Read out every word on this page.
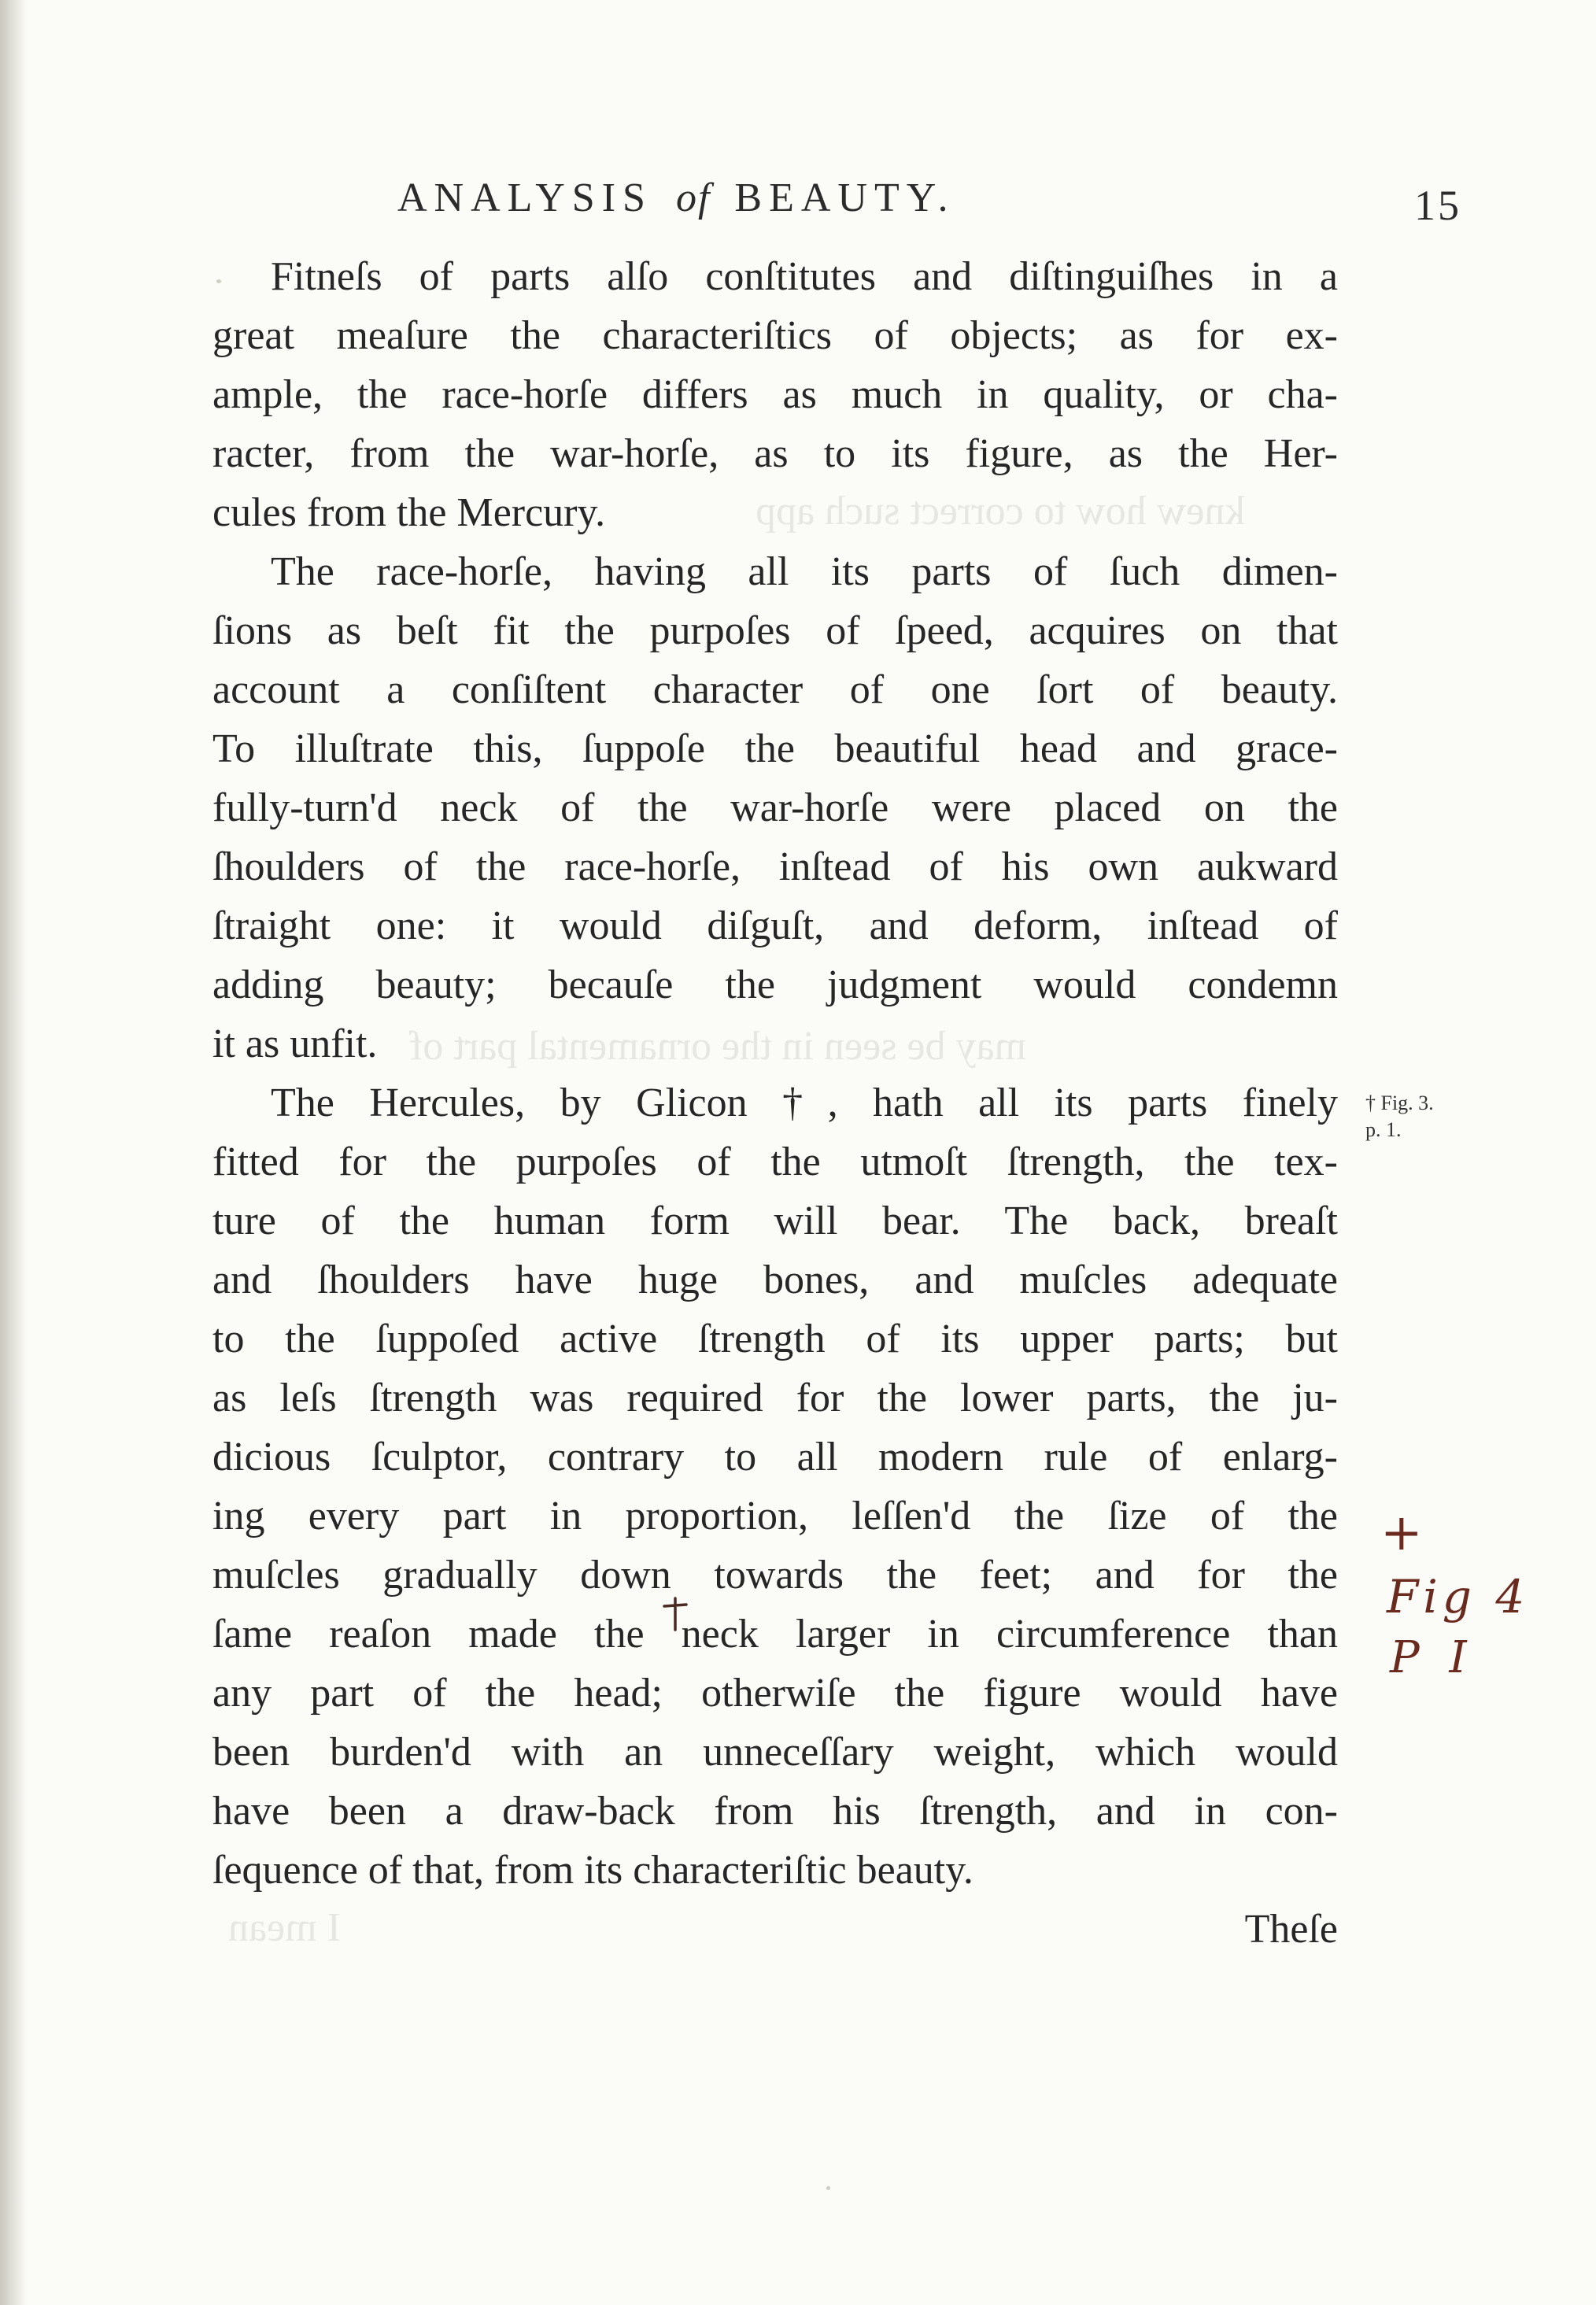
knew how to correct such app
may be seen in the ornamental part of
I mean
ANALYSIS of BEAUTY.	15
Fitneſs of parts alſo conſtitutes and diſtinguiſhes in a
great meaſure the characteriſtics of objects; as for ex-
ample, the race-horſe differs as much in quality, or cha-
racter, from the war-horſe, as to its figure, as the Her-
cules from the Mercury.
The race-horſe, having all its parts of ſuch dimen-
ſions as beſt fit the purpoſes of ſpeed, acquires on that
account a conſiſtent character of one ſort of beauty.
To illuſtrate this, ſuppoſe the beautiful head and grace-
fully-turn'd neck of the war-horſe were placed on the
ſhoulders of the race-horſe, inſtead of his own aukward
ſtraight one: it would diſguſt, and deform, inſtead of
adding beauty; becauſe the judgment would condemn
it as unfit.
The Hercules, by Glicon †, hath all its parts finely
fitted for the purpoſes of the utmoſt ſtrength, the tex-
ture of the human form will bear. The back, breaſt
and ſhoulders have huge bones, and muſcles adequate
to the ſuppoſed active ſtrength of its upper parts; but
as leſs ſtrength was required for the lower parts, the ju-
dicious ſculptor, contrary to all modern rule of enlarg-
ing every part in proportion, leſſen'd the ſize of the
muſcles gradually down towards the feet; and for the
ſame reaſon made the neck larger in circumference than
any part of the head; otherwiſe the figure would have
been burden'd with an unneceſſary weight, which would
have been a draw-back from his ſtrength, and in con-
ſequence of that, from its characteriſtic beauty.
Theſe
† Fig. 3.
p. 1.
+
Fig 4
P I
